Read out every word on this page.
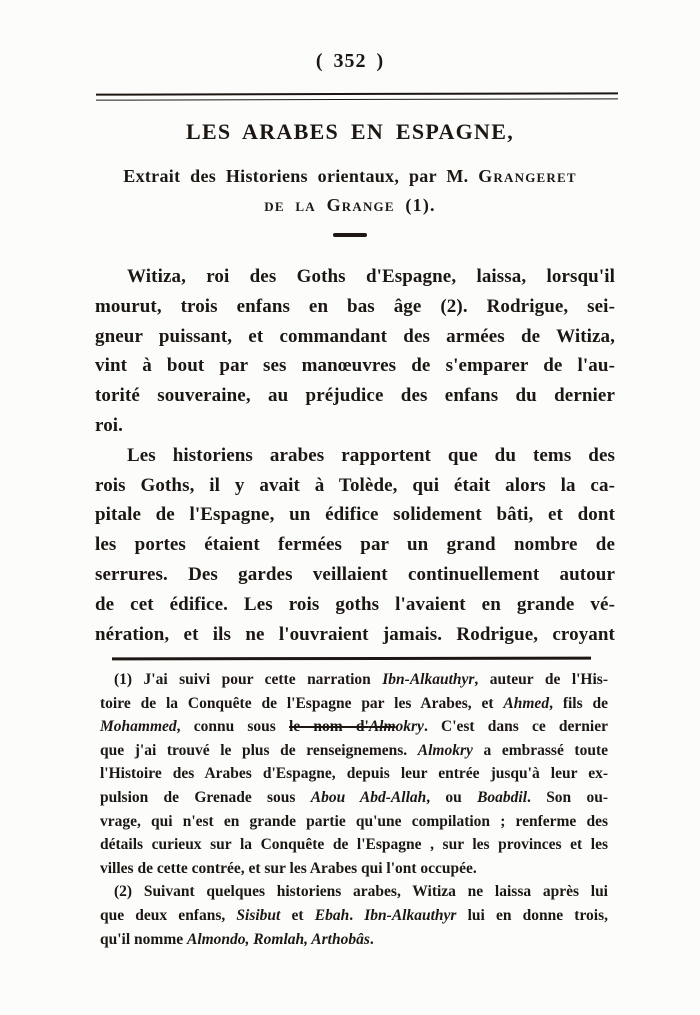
( 352 )
LES ARABES EN ESPAGNE,
Extrait des Historiens orientaux, par M. Grangeret
de la Grange (1).
Witiza, roi des Goths d'Espagne, laissa, lorsqu'il
mourut, trois enfans en bas âge (2). Rodrigue, sei-
gneur puissant, et commandant des armées de Witiza,
vint à bout par ses manœuvres de s'emparer de l'au-
torité souveraine, au préjudice des enfans du dernier
roi.
Les historiens arabes rapportent que du tems des
rois Goths, il y avait à Tolède, qui était alors la ca-
pitale de l'Espagne, un édifice solidement bâti, et dont
les portes étaient fermées par un grand nombre de
serrures. Des gardes veillaient continuellement autour
de cet édifice. Les rois goths l'avaient en grande vé-
nération, et ils ne l'ouvraient jamais. Rodrigue, croyant
(1) J'ai suivi pour cette narration Ibn-Alkauthyr, auteur de l'His-
toire de la Conquête de l'Espagne par les Arabes, et Ahmed, fils de
Mohammed, connu sous le nom d'Almokry. C'est dans ce dernier
que j'ai trouvé le plus de renseignemens. Almokry a embrassé toute
l'Histoire des Arabes d'Espagne, depuis leur entrée jusqu'à leur ex-
pulsion de Grenade sous Abou Abd-Allah, ou Boabdil. Son ou-
vrage, qui n'est en grande partie qu'une compilation ; renferme des
détails curieux sur la Conquête de l'Espagne , sur les provinces et les
villes de cette contrée, et sur les Arabes qui l'ont occupée.
(2) Suivant quelques historiens arabes, Witiza ne laissa après lui
que deux enfans, Sisibut et Ebah. Ibn-Alkauthyr lui en donne trois,
qu'il nomme Almondo, Romlah, Arthobâs.
